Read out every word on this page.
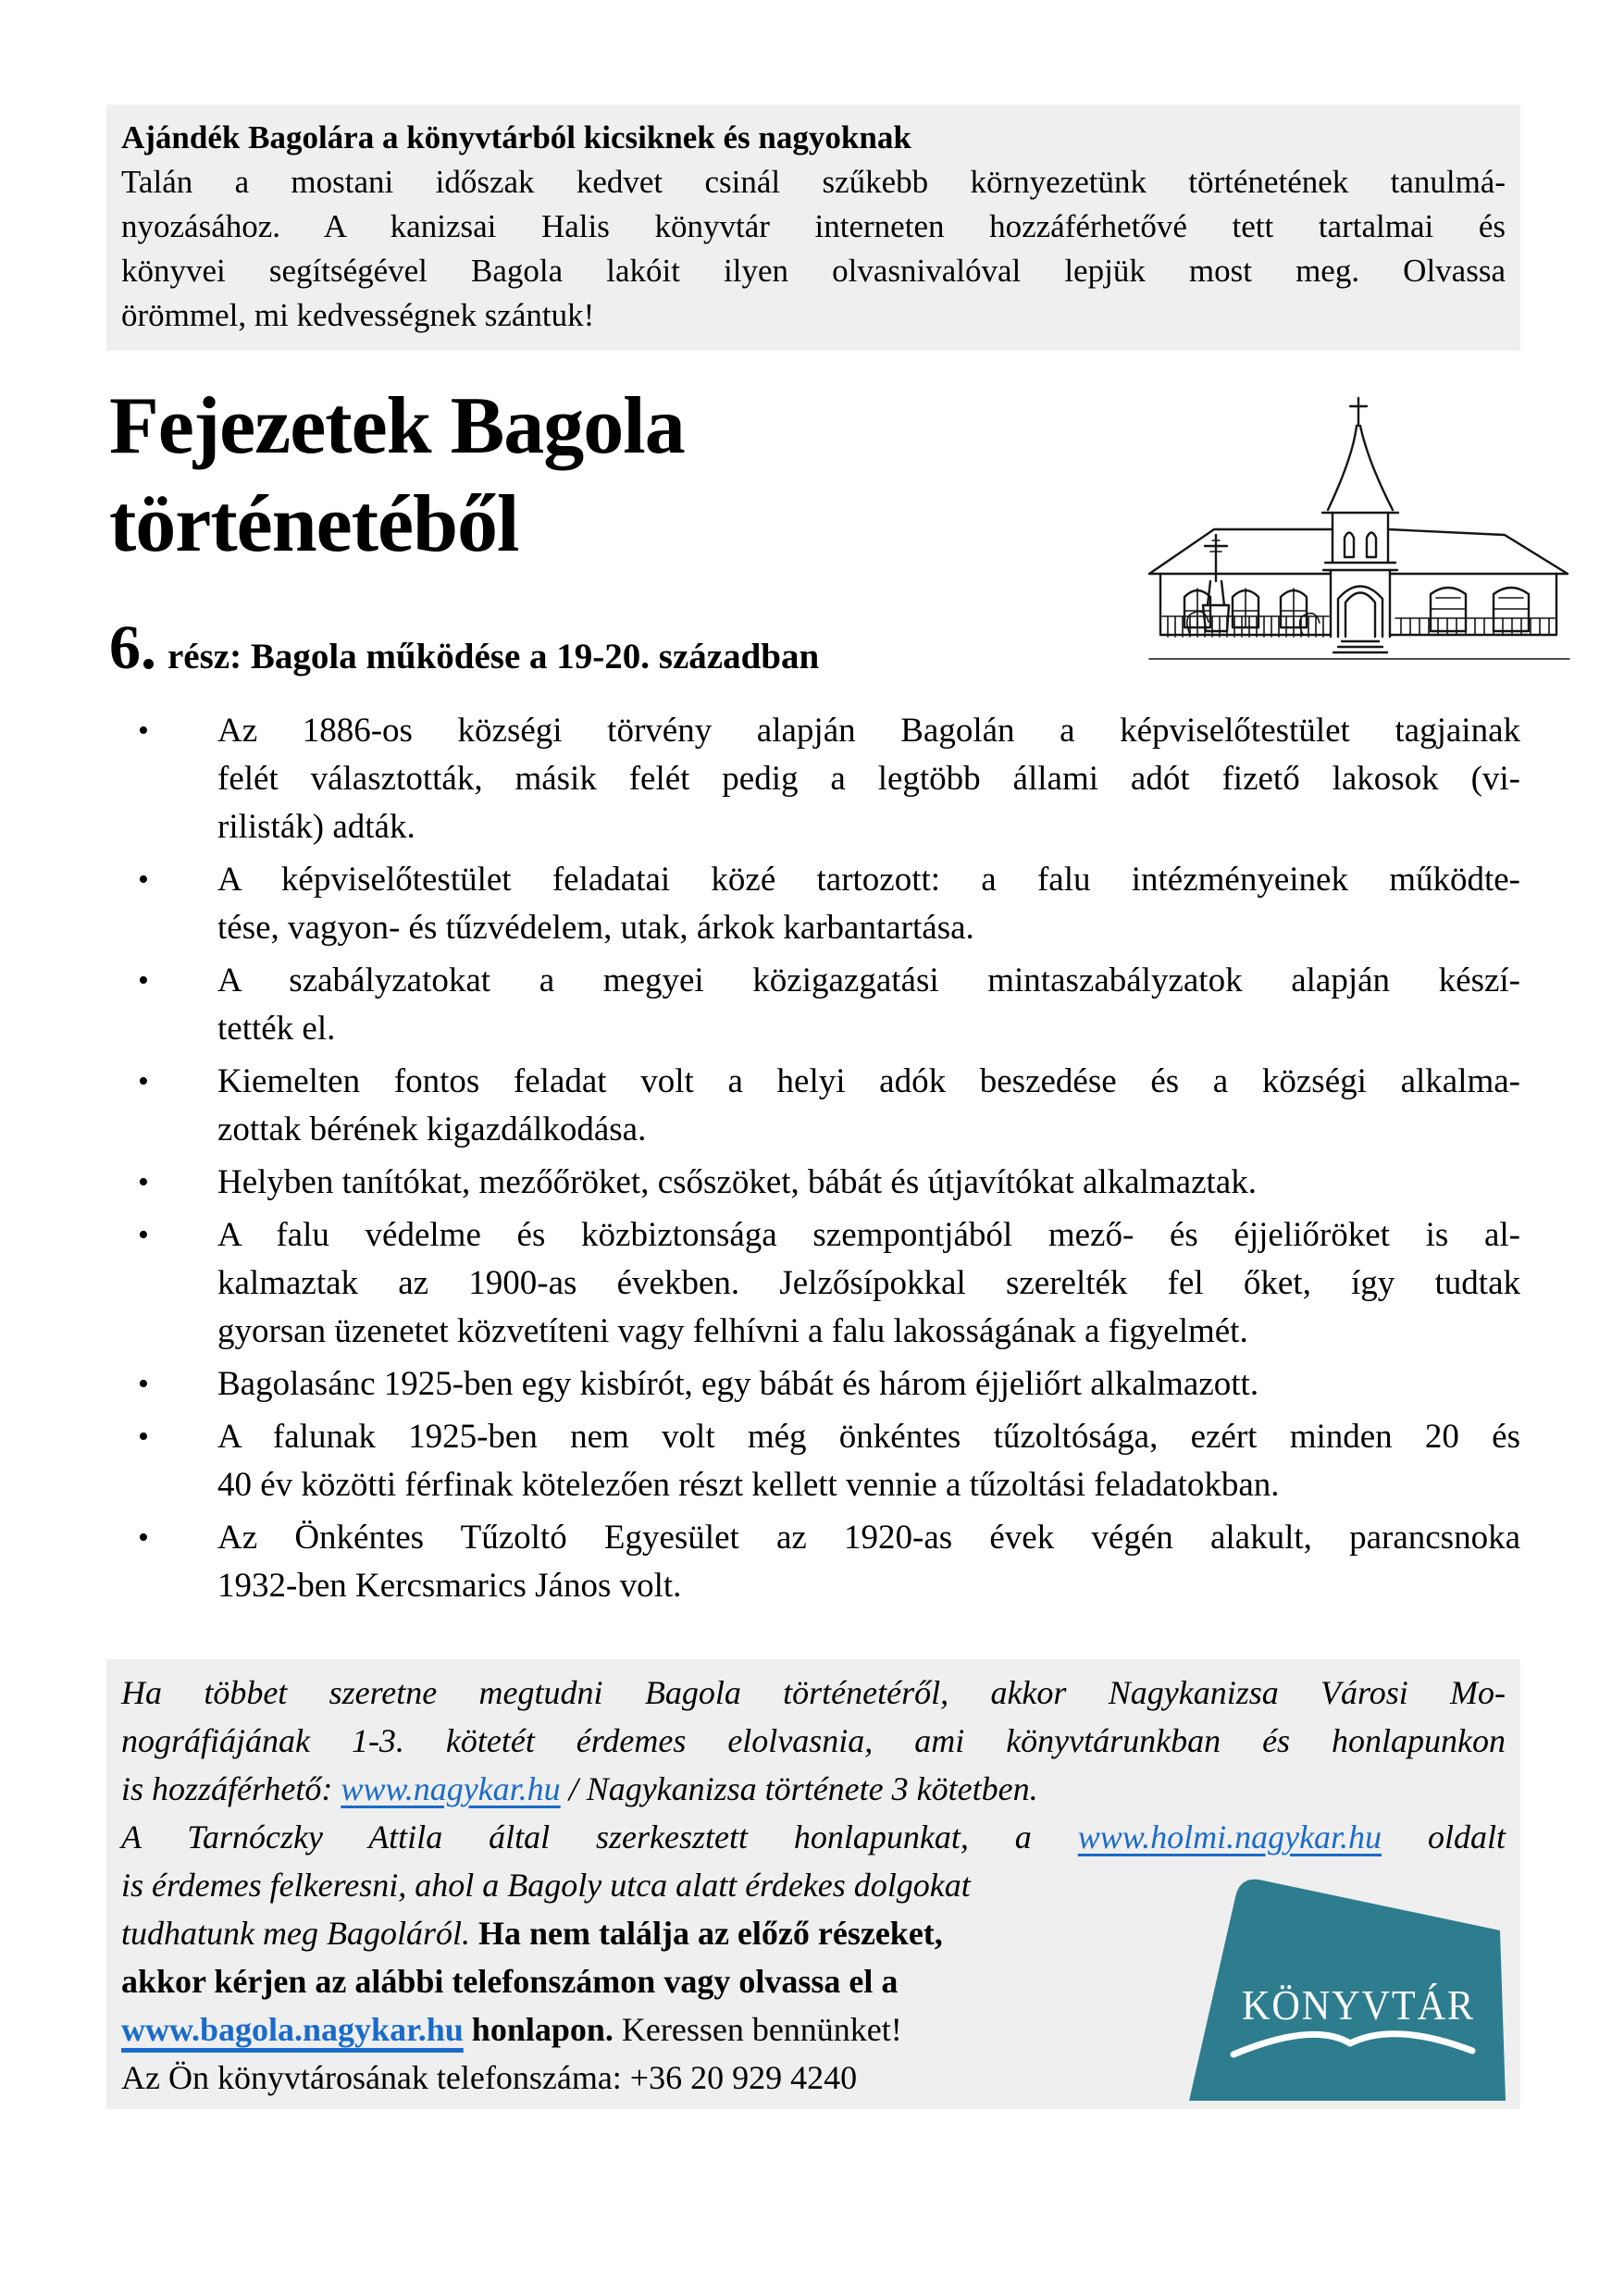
Ajándék Bagolára a könyvtárból kicsiknek és nagyoknak
Talán a mostani időszak kedvet csinál szűkebb környezetünk történetének tanulmá-
nyozásához. A kanizsai Halis könyvtár interneten hozzáférhetővé tett tartalmai és
könyvei segítségével Bagola lakóit ilyen olvasnivalóval lepjük most meg. Olvassa
örömmel, mi kedvességnek szántuk!
Fejezetek Bagola
történetéből
6. rész: Bagola működése a 19-20. században
• Az 1886-os községi törvény alapján Bagolán a képviselőtestület tagjainak
felét választották, másik felét pedig a legtöbb állami adót fizető lakosok (vi-
rilisták) adták.
• A képviselőtestület feladatai közé tartozott: a falu intézményeinek működte-
tése, vagyon- és tűzvédelem, utak, árkok karbantartása.
• A szabályzatokat a megyei közigazgatási mintaszabályzatok alapján készí-
tették el.
• Kiemelten fontos feladat volt a helyi adók beszedése és a községi alkalma-
zottak bérének kigazdálkodása.
• Helyben tanítókat, mezőőröket, csőszöket, bábát és útjavítókat alkalmaztak.
• A falu védelme és közbiztonsága szempontjából mező- és éjjeliőröket is al-
kalmaztak az 1900-as években. Jelzősípokkal szerelték fel őket, így tudtak
gyorsan üzenetet közvetíteni vagy felhívni a falu lakosságának a figyelmét.
• Bagolasánc 1925-ben egy kisbírót, egy bábát és három éjjeliőrt alkalmazott.
• A falunak 1925-ben nem volt még önkéntes tűzoltósága, ezért minden 20 és
40 év közötti férfinak kötelezően részt kellett vennie a tűzoltási feladatokban.
• Az Önkéntes Tűzoltó Egyesület az 1920-as évek végén alakult, parancsnoka
1932-ben Kercsmarics János volt.
Ha többet szeretne megtudni Bagola történetéről, akkor Nagykanizsa Városi Mo-
nográfiájának 1-3. kötetét érdemes elolvasnia, ami könyvtárunkban és honlapunkon
is hozzáférhető: www.nagykar.hu / Nagykanizsa története 3 kötetben.
A Tarnóczky Attila által szerkesztett honlapunkat, a www.holmi.nagykar.hu oldalt
is érdemes felkeresni, ahol a Bagoly utca alatt érdekes dolgokat
tudhatunk meg Bagoláról. Ha nem találja az előző részeket,
akkor kérjen az alábbi telefonszámon vagy olvassa el a
www.bagola.nagykar.hu honlapon. Keressen bennünket!
Az Ön könyvtárosának telefonszáma: +36 20 929 4240
KÖNYVTÁR
